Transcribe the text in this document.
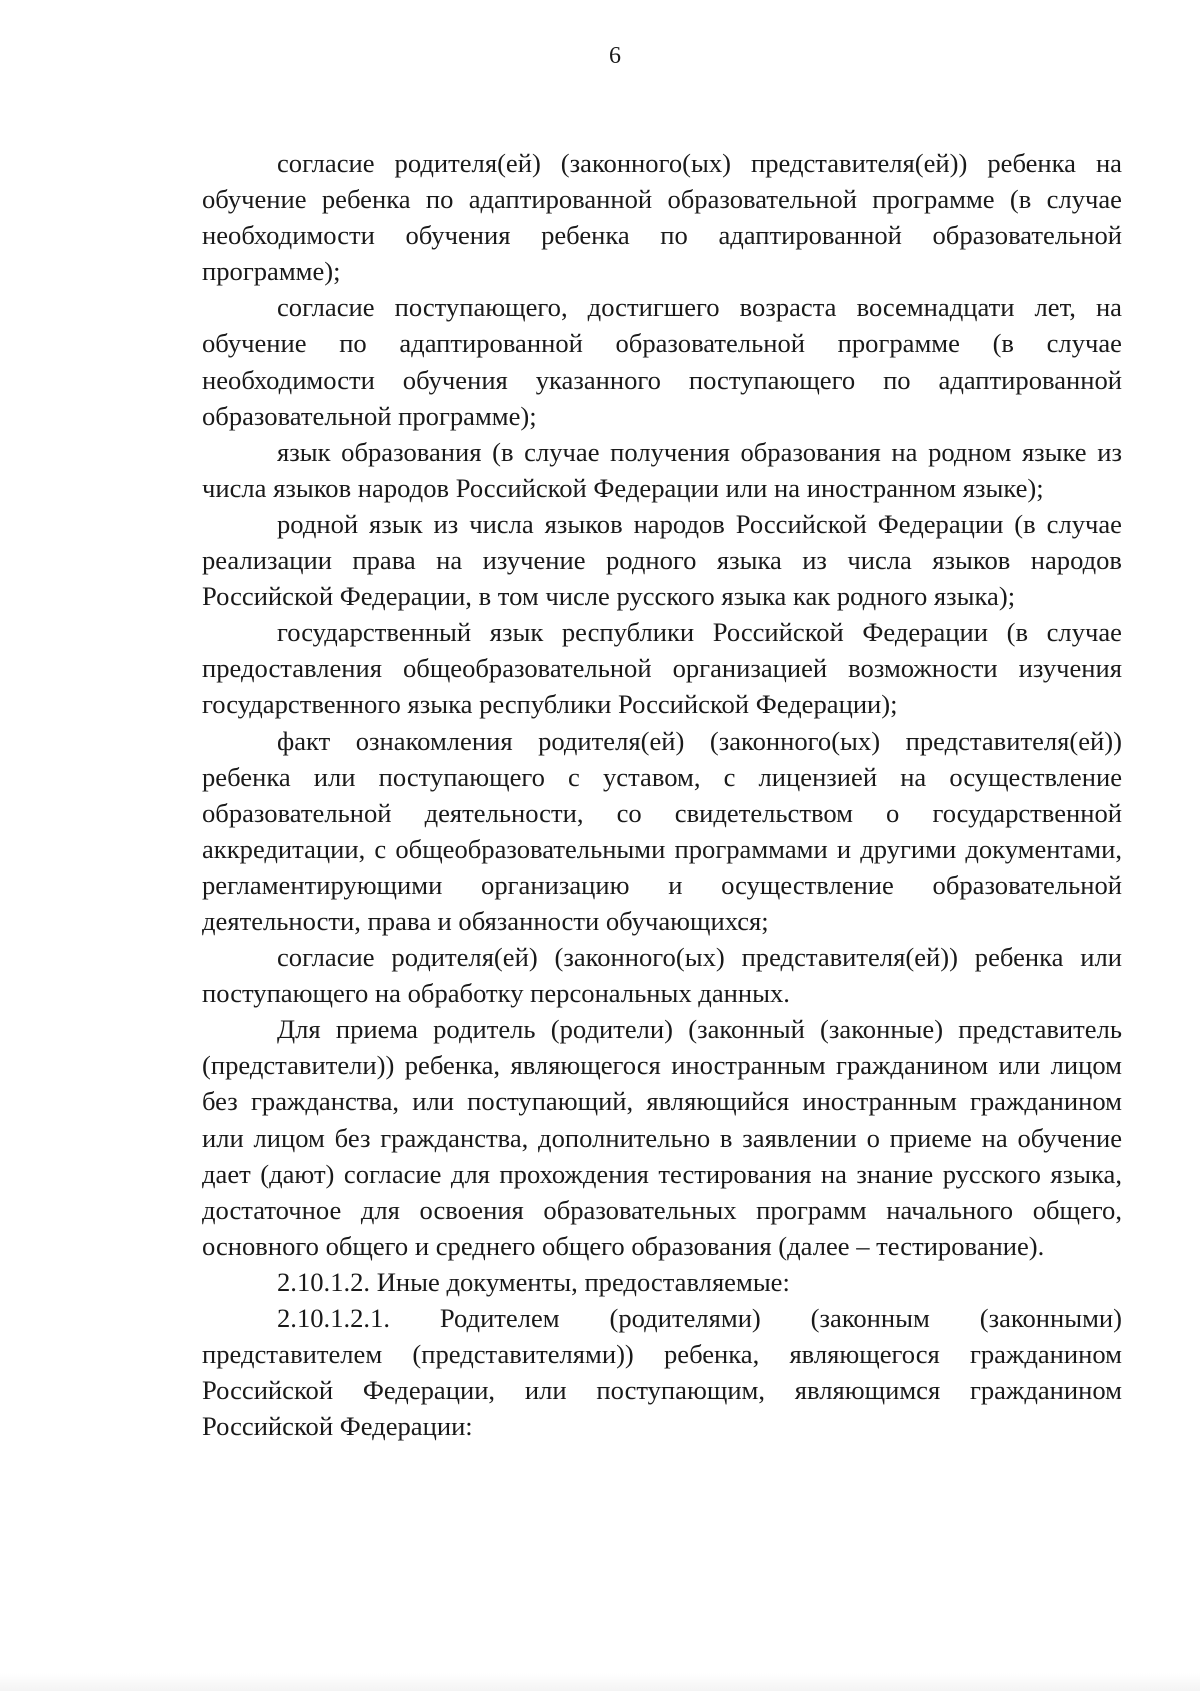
6

согласие родителя(ей) (законного(ых) представителя(ей)) ребенка на обучение ребенка по адаптированной образовательной программе (в случае необходимости обучения ребенка по адаптированной образовательной программе);

согласие поступающего, достигшего возраста восемнадцати лет, на обучение по адаптированной образовательной программе (в случае необходимости обучения указанного поступающего по адаптированной образовательной программе);

язык образования (в случае получения образования на родном языке из числа языков народов Российской Федерации или на иностранном языке);

родной язык из числа языков народов Российской Федерации (в случае реализации права на изучение родного языка из числа языков народов Российской Федерации, в том числе русского языка как родного языка);

государственный язык республики Российской Федерации (в случае предоставления общеобразовательной организацией возможности изучения государственного языка республики Российской Федерации);

факт ознакомления родителя(ей) (законного(ых) представителя(ей)) ребенка или поступающего с уставом, с лицензией на осуществление образовательной деятельности, со свидетельством о государственной аккредитации, с общеобразовательными программами и другими документами, регламентирующими организацию и осуществление образовательной деятельности, права и обязанности обучающихся;

согласие родителя(ей) (законного(ых) представителя(ей)) ребенка или поступающего на обработку персональных данных.

Для приема родитель (родители) (законный (законные) представитель (представители)) ребенка, являющегося иностранным гражданином или лицом без гражданства, или поступающий, являющийся иностранным гражданином или лицом без гражданства, дополнительно в заявлении о приеме на обучение дает (дают) согласие для прохождения тестирования на знание русского языка, достаточное для освоения образовательных программ начального общего, основного общего и среднего общего образования (далее – тестирование).

2.10.1.2. Иные документы, предоставляемые:

2.10.1.2.1. Родителем (родителями) (законным (законными) представителем (представителями)) ребенка, являющегося гражданином Российской Федерации, или поступающим, являющимся гражданином Российской Федерации:
